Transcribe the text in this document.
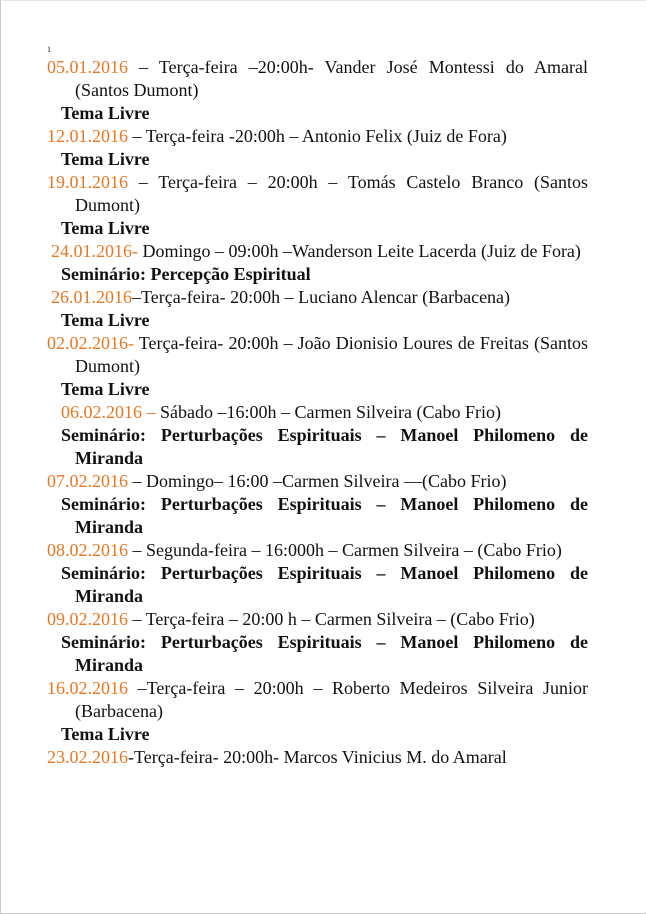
1

05.01.2016 – Terça-feira –20:00h- Vander José Montessi do Amaral (Santos Dumont)

Tema Livre

12.01.2016 – Terça-feira -20:00h – Antonio Felix (Juiz de Fora)

Tema Livre

19.01.2016 – Terça-feira – 20:00h – Tomás Castelo Branco (Santos Dumont)

Tema Livre

24.01.2016- Domingo – 09:00h –Wanderson Leite Lacerda (Juiz de Fora)

Seminário: Percepção Espiritual

26.01.2016–Terça-feira- 20:00h – Luciano Alencar (Barbacena)

Tema Livre

02.02.2016- Terça-feira- 20:00h – João Dionisio Loures de Freitas (Santos Dumont)

Tema Livre

06.02.2016 – Sábado –16:00h – Carmen Silveira (Cabo Frio)

Seminário: Perturbações Espirituais – Manoel Philomeno de Miranda

07.02.2016 – Domingo– 16:00 –Carmen Silveira —(Cabo Frio)

Seminário: Perturbações Espirituais – Manoel Philomeno de Miranda

08.02.2016 – Segunda-feira – 16:000h – Carmen Silveira – (Cabo Frio)

Seminário: Perturbações Espirituais – Manoel Philomeno de Miranda

09.02.2016 – Terça-feira – 20:00 h – Carmen Silveira – (Cabo Frio)

Seminário: Perturbações Espirituais – Manoel Philomeno de Miranda

16.02.2016 –Terça-feira – 20:00h – Roberto Medeiros Silveira Junior (Barbacena)

Tema Livre

23.02.2016-Terça-feira- 20:00h- Marcos Vinicius M. do Amaral
